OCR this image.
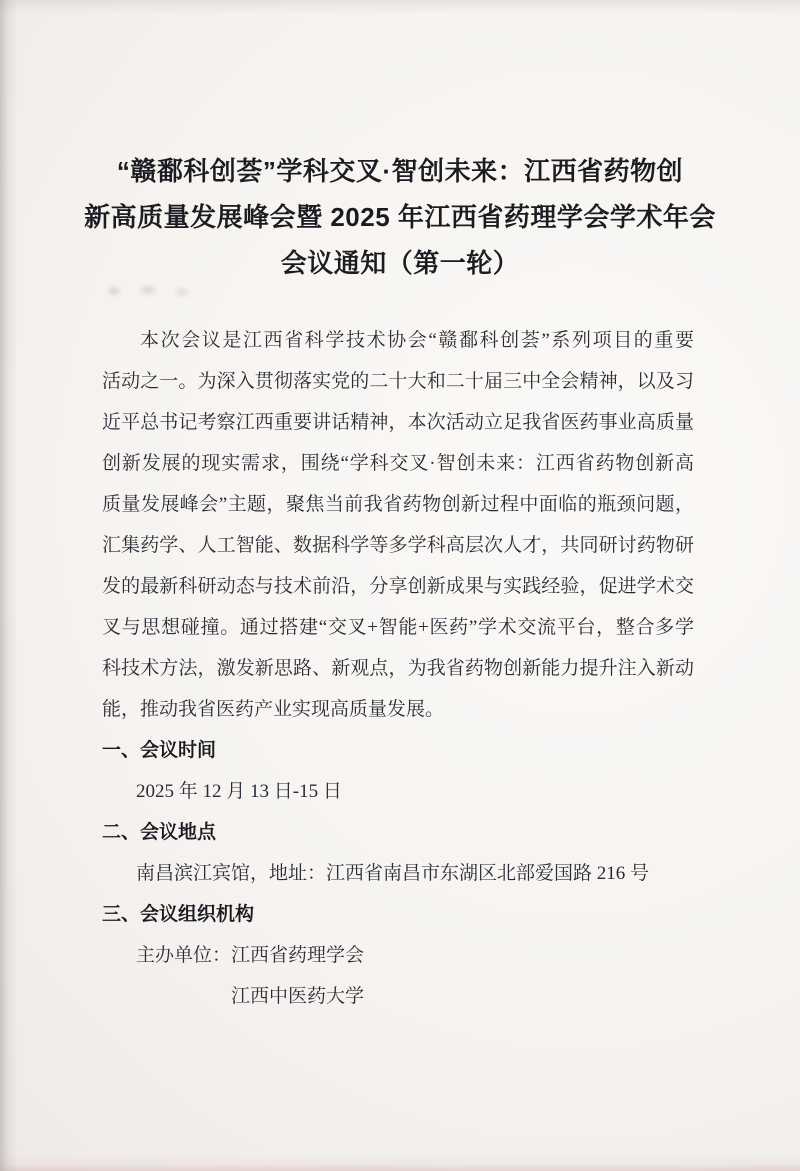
“赣鄱科创荟”学科交叉·智创未来：江西省药物创
新高质量发展峰会暨 2025 年江西省药理学会学术年会
会议通知（第一轮）
本次会议是江西省科学技术协会“赣鄱科创荟”系列项目的重要
活动之一。为深入贯彻落实党的二十大和二十届三中全会精神，以及习
近平总书记考察江西重要讲话精神，本次活动立足我省医药事业高质量
创新发展的现实需求，围绕“学科交叉·智创未来：江西省药物创新高
质量发展峰会”主题，聚焦当前我省药物创新过程中面临的瓶颈问题，
汇集药学、人工智能、数据科学等多学科高层次人才，共同研讨药物研
发的最新科研动态与技术前沿，分享创新成果与实践经验，促进学术交
叉与思想碰撞。通过搭建“交叉+智能+医药”学术交流平台，整合多学
科技术方法，激发新思路、新观点，为我省药物创新能力提升注入新动
能，推动我省医药产业实现高质量发展。
一、会议时间
2025 年 12 月 13 日-15 日
二、会议地点
南昌滨江宾馆，地址：江西省南昌市东湖区北部爱国路 216 号
三、会议组织机构
主办单位：江西省药理学会
江西中医药大学
